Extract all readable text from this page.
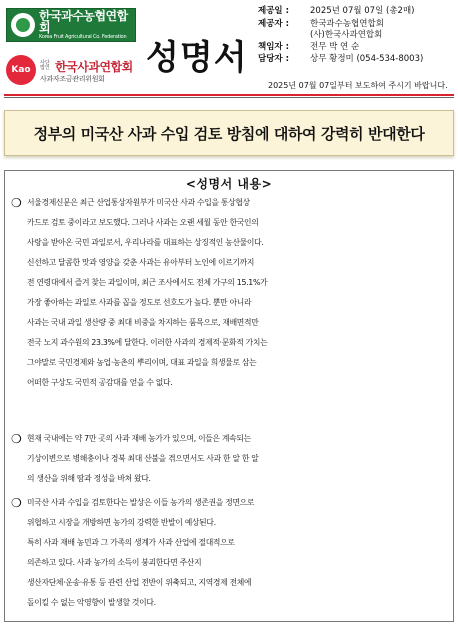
한국과수농협연합회
Korea Fruit Agricultural Co. Federation
Kao
사단법인 한국사과연합회
사과자조금관리위원회
성명서
제공일 :	2025년 07월 07일 (총2매)
제공자 :	한국과수농협연합회
(사)한국사과연합회
책임자 :	전무 박 연 순
담당자 :	상무 황정미 (054-534-8003)
2025년 07월 07일부터 보도하여 주시기 바랍니다.
정부의 미국산 사과 수입 검토 방침에 대하여 강력히 반대한다
<성명서 내용>
❍ 서울경제신문은 최근 산업통상자원부가 미국산 사과 수입을 통상협상
카드로 검토 중이라고 보도했다. 그러나 사과는 오랜 세월 동안 한국인의
사랑을 받아온 국민 과일로서, 우리나라를 대표하는 상징적인 농산물이다.
신선하고 달콤한 맛과 영양을 갖춘 사과는 유아부터 노인에 이르기까지
전 연령대에서 즐겨 찾는 과일이며, 최근 조사에서도 전체 가구의 15.1%가
가장 좋아하는 과일로 사과를 꼽을 정도로 선호도가 높다. 뿐만 아니라
사과는 국내 과일 생산량 중 최대 비중을 차지하는 품목으로, 재배면적만
전국 노지 과수원의 23.3%에 달한다. 이러한 사과의 경제적·문화적 가치는
그야말로 국민경제와 농업·농촌의 뿌리이며, 대표 과일을 희생물로 삼는
어떠한 구상도 국민적 공감대를 얻을 수 없다.
❍ 현재 국내에는 약 7만 곳의 사과 재배 농가가 있으며, 이들은 계속되는
기상이변으로 병해충이나 경북 최대 산불을 겪으면서도 사과 한 알 한 알
의 생산을 위해 땀과 정성을 바쳐 왔다.
❍ 미국산 사과 수입을 검토한다는 발상은 이들 농가의 생존권을 정면으로
위협하고 시장을 개방하면 농가의 강력한 반발이 예상된다.
특히 사과 재배 농민과 그 가족의 생계가 사과 산업에 절대적으로
의존하고 있다. 사과 농가의 소득이 붕괴한다면 주산지
생산자단체·운송·유통 등 관련 산업 전반이 위축되고, 지역경제 전체에
돌이킬 수 없는 악영향이 발생할 것이다.
